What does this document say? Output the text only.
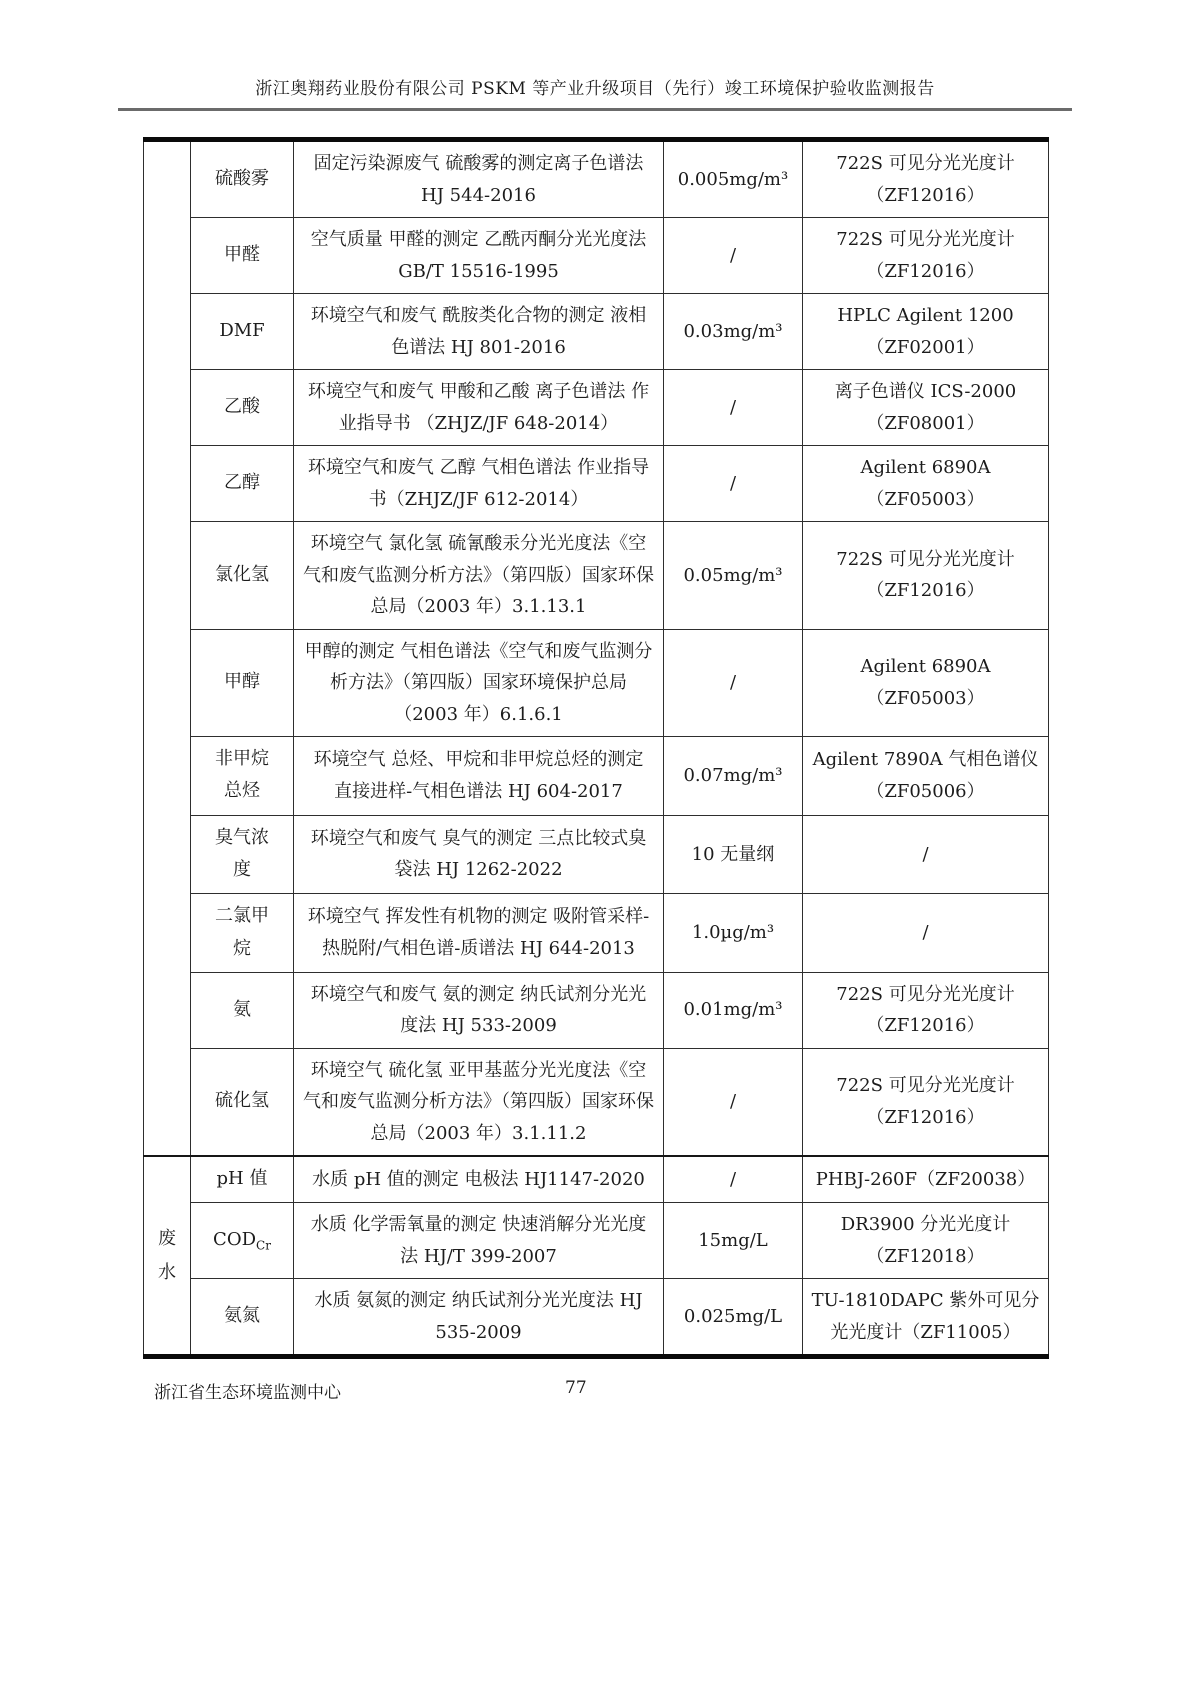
浙江奥翔药业股份有限公司 PSKM 等产业升级项目（先行）竣工环境保护验收监测报告
	硫酸雾	固定污染源废气 硫酸雾的测定离子色谱法 HJ 544-2016	0.005mg/m³	722S 可见分光光度计（ZF12016）
	甲醛	空气质量 甲醛的测定 乙酰丙酮分光光度法 GB/T 15516-1995	/	722S 可见分光光度计（ZF12016）
	DMF	环境空气和废气 酰胺类化合物的测定 液相色谱法 HJ 801-2016	0.03mg/m³	HPLC Agilent 1200（ZF02001）
	乙酸	环境空气和废气 甲酸和乙酸 离子色谱法 作业指导书 （ZHJZ/JF 648-2014）	/	离子色谱仪 ICS-2000（ZF08001）
	乙醇	环境空气和废气 乙醇 气相色谱法 作业指导书（ZHJZ/JF 612-2014）	/	Agilent 6890A（ZF05003）
	氯化氢	环境空气 氯化氢 硫氰酸汞分光光度法《空气和废气监测分析方法》（第四版）国家环保总局（2003 年）3.1.13.1	0.05mg/m³	722S 可见分光光度计（ZF12016）
	甲醇	甲醇的测定 气相色谱法《空气和废气监测分析方法》（第四版）国家环境保护总局（2003 年）6.1.6.1	/	Agilent 6890A（ZF05003）
	非甲烷总烃	环境空气 总烃、甲烷和非甲烷总烃的测定 直接进样-气相色谱法 HJ 604-2017	0.07mg/m³	Agilent 7890A 气相色谱仪（ZF05006）
	臭气浓度	环境空气和废气 臭气的测定 三点比较式臭袋法 HJ 1262-2022	10 无量纲	/
	二氯甲烷	环境空气 挥发性有机物的测定 吸附管采样-热脱附/气相色谱-质谱法 HJ 644-2013	1.0µg/m³	/
	氨	环境空气和废气 氨的测定 纳氏试剂分光光度法 HJ 533-2009	0.01mg/m³	722S 可见分光光度计（ZF12016）
	硫化氢	环境空气 硫化氢 亚甲基蓝分光光度法《空气和废气监测分析方法》（第四版）国家环保总局（2003 年）3.1.11.2	/	722S 可见分光光度计（ZF12016）
废水	pH 值	水质 pH 值的测定 电极法 HJ1147-2020	/	PHBJ-260F（ZF20038）
	$COD_{Cr}$	水质 化学需氧量的测定 快速消解分光光度法 HJ/T 399-2007	15mg/L	DR3900 分光光度计（ZF12018）
	氨氮	水质 氨氮的测定 纳氏试剂分光光度法 HJ 535-2009	0.025mg/L	TU-1810DAPC 紫外可见分光光度计（ZF11005）
浙江省生态环境监测中心	77
